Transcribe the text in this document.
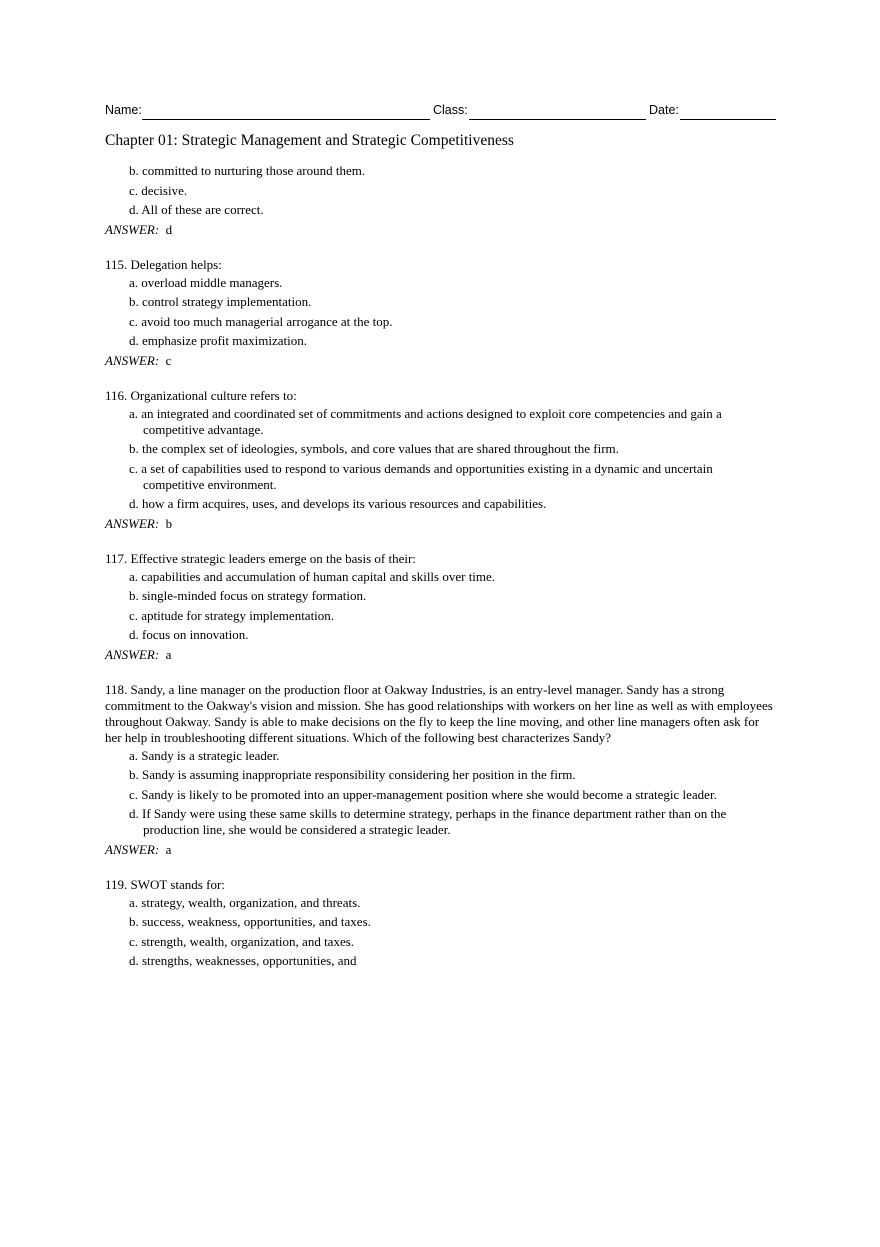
Name:	Class:	Date:
Chapter 01: Strategic Management and Strategic Competitiveness
b. committed to nurturing those around them.
c. decisive.
d. All of these are correct.
ANSWER: d
115. Delegation helps:
a. overload middle managers.
b. control strategy implementation.
c. avoid too much managerial arrogance at the top.
d. emphasize profit maximization.
ANSWER: c
116. Organizational culture refers to:
a. an integrated and coordinated set of commitments and actions designed to exploit core competencies and gain a competitive advantage.
b. the complex set of ideologies, symbols, and core values that are shared throughout the firm.
c. a set of capabilities used to respond to various demands and opportunities existing in a dynamic and uncertain competitive environment.
d. how a firm acquires, uses, and develops its various resources and capabilities.
ANSWER: b
117. Effective strategic leaders emerge on the basis of their:
a. capabilities and accumulation of human capital and skills over time.
b. single-minded focus on strategy formation.
c. aptitude for strategy implementation.
d. focus on innovation.
ANSWER: a
118. Sandy, a line manager on the production floor at Oakway Industries, is an entry-level manager. Sandy has a strong commitment to the Oakway's vision and mission. She has good relationships with workers on her line as well as with employees throughout Oakway. Sandy is able to make decisions on the fly to keep the line moving, and other line managers often ask for her help in troubleshooting different situations. Which of the following best characterizes Sandy?
a. Sandy is a strategic leader.
b. Sandy is assuming inappropriate responsibility considering her position in the firm.
c. Sandy is likely to be promoted into an upper-management position where she would become a strategic leader.
d. If Sandy were using these same skills to determine strategy, perhaps in the finance department rather than on the production line, she would be considered a strategic leader.
ANSWER: a
119. SWOT stands for:
a. strategy, wealth, organization, and threats.
b. success, weakness, opportunities, and taxes.
c. strength, wealth, organization, and taxes.
d. strengths, weaknesses, opportunities, and
